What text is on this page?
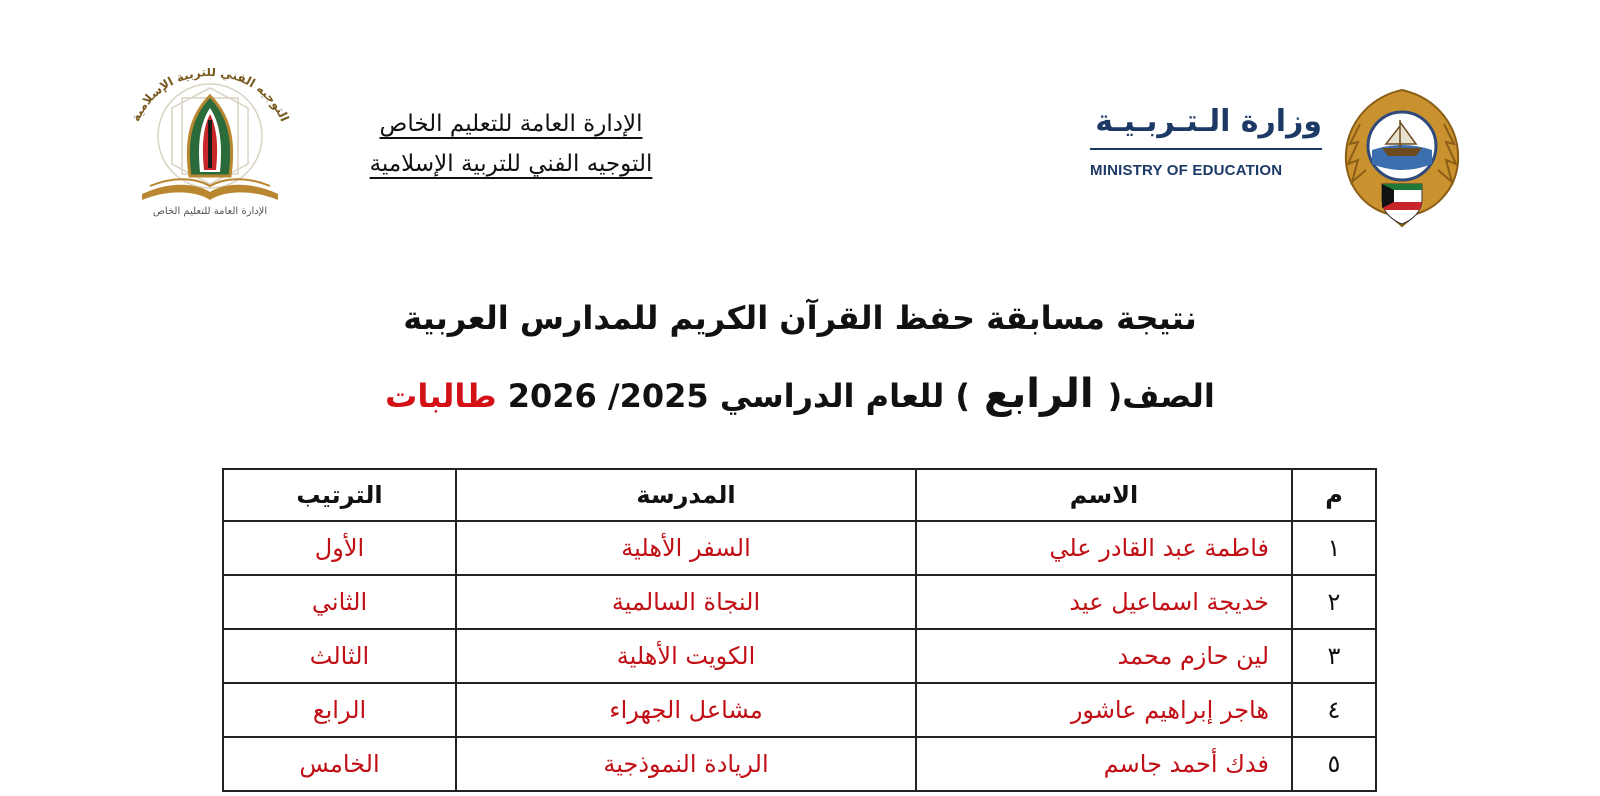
التوجيه الفني للتربية الإسلامية
الإدارة العامة للتعليم الخاص
الإدارة العامة للتعليم الخاص
التوجيه الفني للتربية الإسلامية
وزارة الـتـربـيـة
MINISTRY OF EDUCATION
نتيجة مسابقة حفظ القرآن الكريم للمدارس العربية
الصف( الرابع ) للعام الدراسي 2025/ 2026 طالبات
م	الاسم	المدرسة	الترتيب
١	فاطمة عبد القادر علي	السفر الأهلية	الأول
٢	خديجة اسماعيل عيد	النجاة السالمية	الثاني
٣	لين حازم محمد	الكويت الأهلية	الثالث
٤	هاجر إبراهيم عاشور	مشاعل الجهراء	الرابع
٥	فدك أحمد جاسم	الريادة النموذجية	الخامس
